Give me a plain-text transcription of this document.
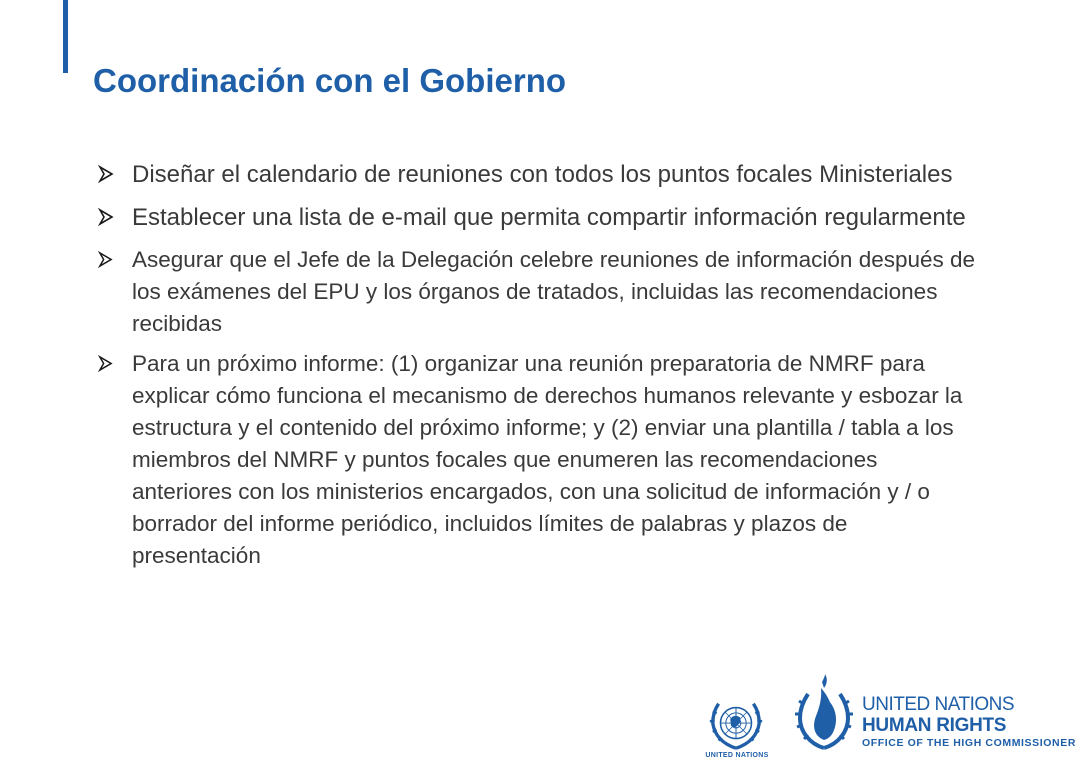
Coordinación con el Gobierno
Diseñar el calendario de reuniones con todos los puntos focales Ministeriales
Establecer una lista de e-mail que permita compartir información regularmente
Asegurar que el Jefe de la Delegación celebre reuniones de información después de los exámenes del EPU y los órganos de tratados, incluidas las recomendaciones recibidas
Para un próximo informe: (1) organizar una reunión preparatoria de NMRF para explicar cómo funciona el mecanismo de derechos humanos relevante y esbozar la estructura y el contenido del próximo informe; y (2) enviar una plantilla / tabla a los miembros del NMRF y puntos focales que enumeren las recomendaciones anteriores con los ministerios encargados, con una solicitud de información y / o borrador del informe periódico, incluidos límites de palabras y plazos de presentación
UNITED NATIONS
UNITED NATIONS
HUMAN RIGHTS
OFFICE OF THE HIGH COMMISSIONER
